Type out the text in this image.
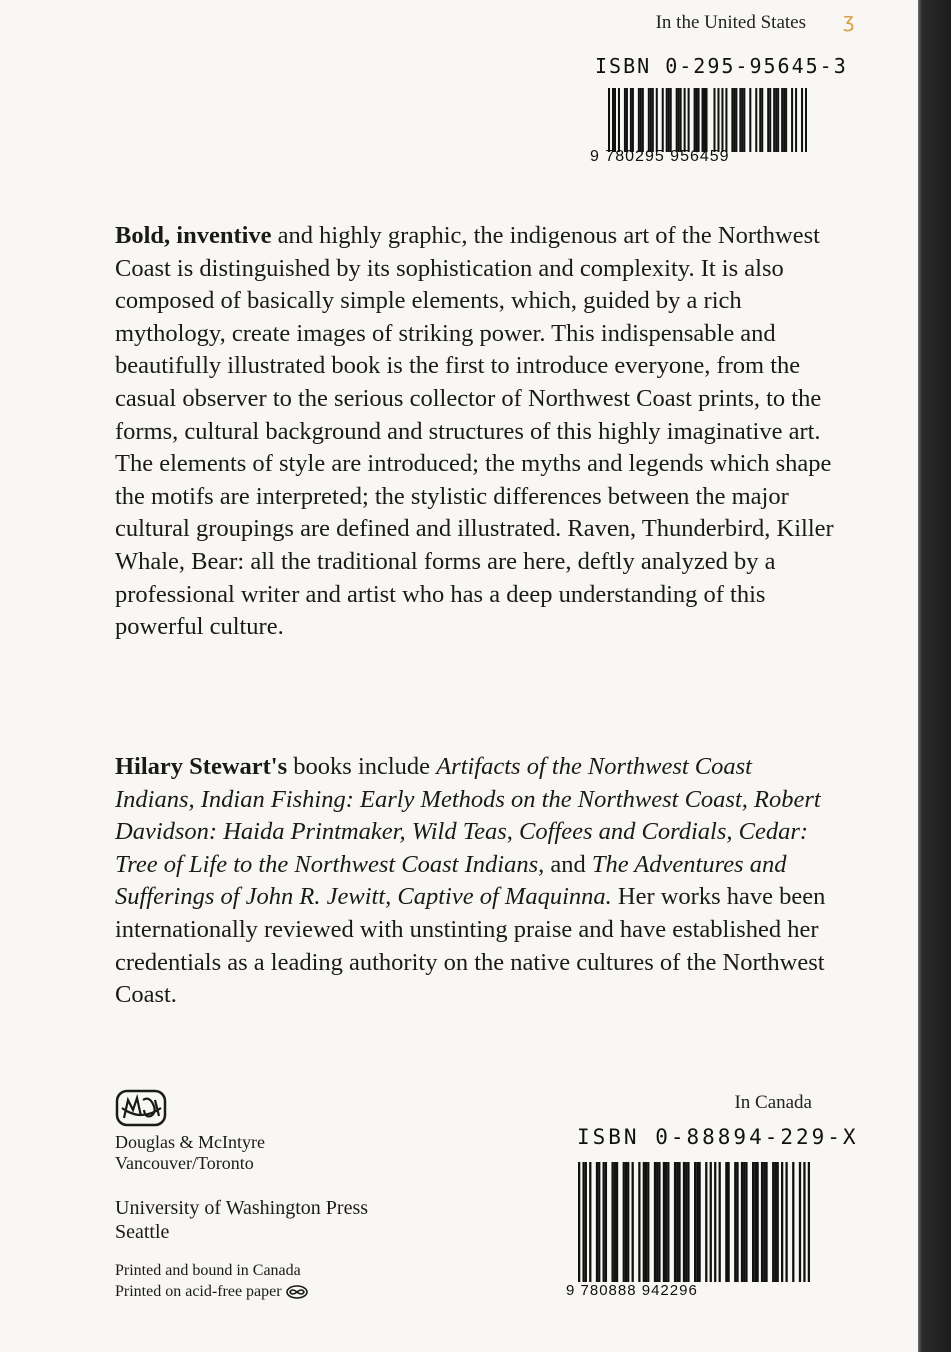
ʒ
In the United States
ISBN 0-295-95645-3
9 780295 956459

Bold, inventive and highly graphic, the indigenous art of the Northwest Coast is distinguished by its sophistication and complexity. It is also composed of basically simple elements, which, guided by a rich mythology, create images of striking power. This indispensable and beautifully illustrated book is the first to introduce everyone, from the casual observer to the serious collector of Northwest Coast prints, to the forms, cultural background and structures of this highly imaginative art. The elements of style are introduced; the myths and legends which shape the motifs are interpreted; the stylistic differences between the major cultural groupings are defined and illustrated. Raven, Thunderbird, Killer Whale, Bear: all the traditional forms are here, deftly analyzed by a professional writer and artist who has a deep understanding of this powerful culture.

Hilary Stewart's books include Artifacts of the Northwest Coast Indians, Indian Fishing: Early Methods on the Northwest Coast, Robert Davidson: Haida Printmaker, Wild Teas, Coffees and Cordials, Cedar: Tree of Life to the Northwest Coast Indians, and The Adventures and Sufferings of John R. Jewitt, Captive of Maquinna. Her works have been internationally reviewed with unstinting praise and have established her credentials as a leading authority on the native cultures of the Northwest Coast.

Douglas & McIntyre
Vancouver/Toronto
University of Washington Press
Seattle
Printed and bound in Canada
Printed on acid-free paper
In Canada
ISBN 0-88894-229-X
9 780888 942296
